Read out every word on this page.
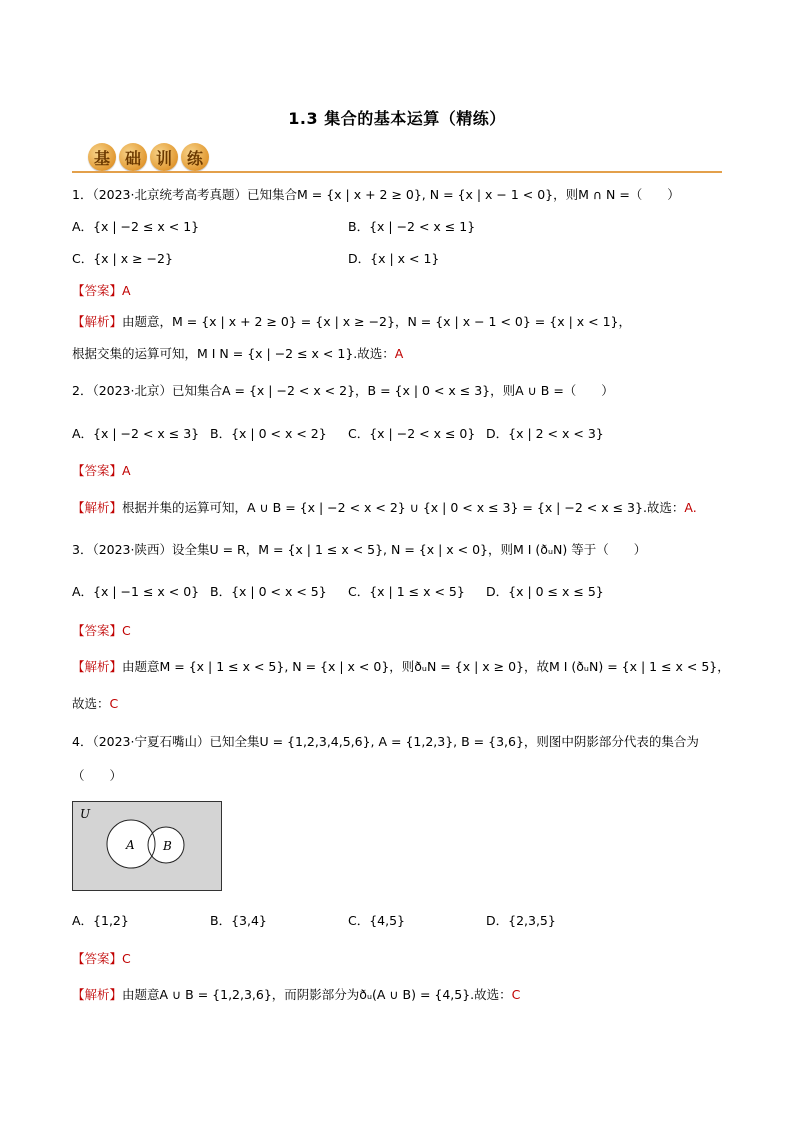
1.3 集合的基本运算（精练）
基 础 训 练
1．（2023·北京统考高考真题）已知集合M = {x | x + 2 ≥ 0}, N = {x | x − 1 < 0}，则M ∩ N =（　　）
A．{x | −2 ≤ x < 1}	B．{x | −2 < x ≤ 1}
C．{x | x ≥ −2}	D．{x | x < 1}
【答案】A
【解析】由题意，M = {x | x + 2 ≥ 0} = {x | x ≥ −2}，N = {x | x − 1 < 0} = {x | x < 1}，
根据交集的运算可知，M I N = {x | −2 ≤ x < 1}.故选：A
2．（2023·北京）已知集合A = {x | −2 < x < 2}，B = {x | 0 < x ≤ 3}，则A ∪ B =（　　）
A．{x | −2 < x ≤ 3} B．{x | 0 < x < 2} C．{x | −2 < x ≤ 0} D．{x | 2 < x < 3}
【答案】A
【解析】根据并集的运算可知，A ∪ B = {x | −2 < x < 2} ∪ {x | 0 < x ≤ 3} = {x | −2 < x ≤ 3}.故选：A.
3．（2023·陕西）设全集U = R，M = {x | 1 ≤ x < 5}, N = {x | x < 0}，则M I (ðᵤN) 等于（　　）
A．{x | −1 ≤ x < 0} B．{x | 0 < x < 5} C．{x | 1 ≤ x < 5} D．{x | 0 ≤ x ≤ 5}
【答案】C
【解析】由题意M = {x | 1 ≤ x < 5}, N = {x | x < 0}，则ðᵤN = {x | x ≥ 0}，故M I (ðᵤN) = {x | 1 ≤ x < 5}，
故选：C
4．（2023·宁夏石嘴山）已知全集U = {1,2,3,4,5,6}, A = {1,2,3}, B = {3,6}，则图中阴影部分代表的集合为
（　　）
U
A B
A．{1,2}	B．{3,4}	C．{4,5}	D．{2,3,5}
【答案】C
【解析】由题意A ∪ B = {1,2,3,6}，而阴影部分为ðᵤ(A ∪ B) = {4,5}.故选：C
